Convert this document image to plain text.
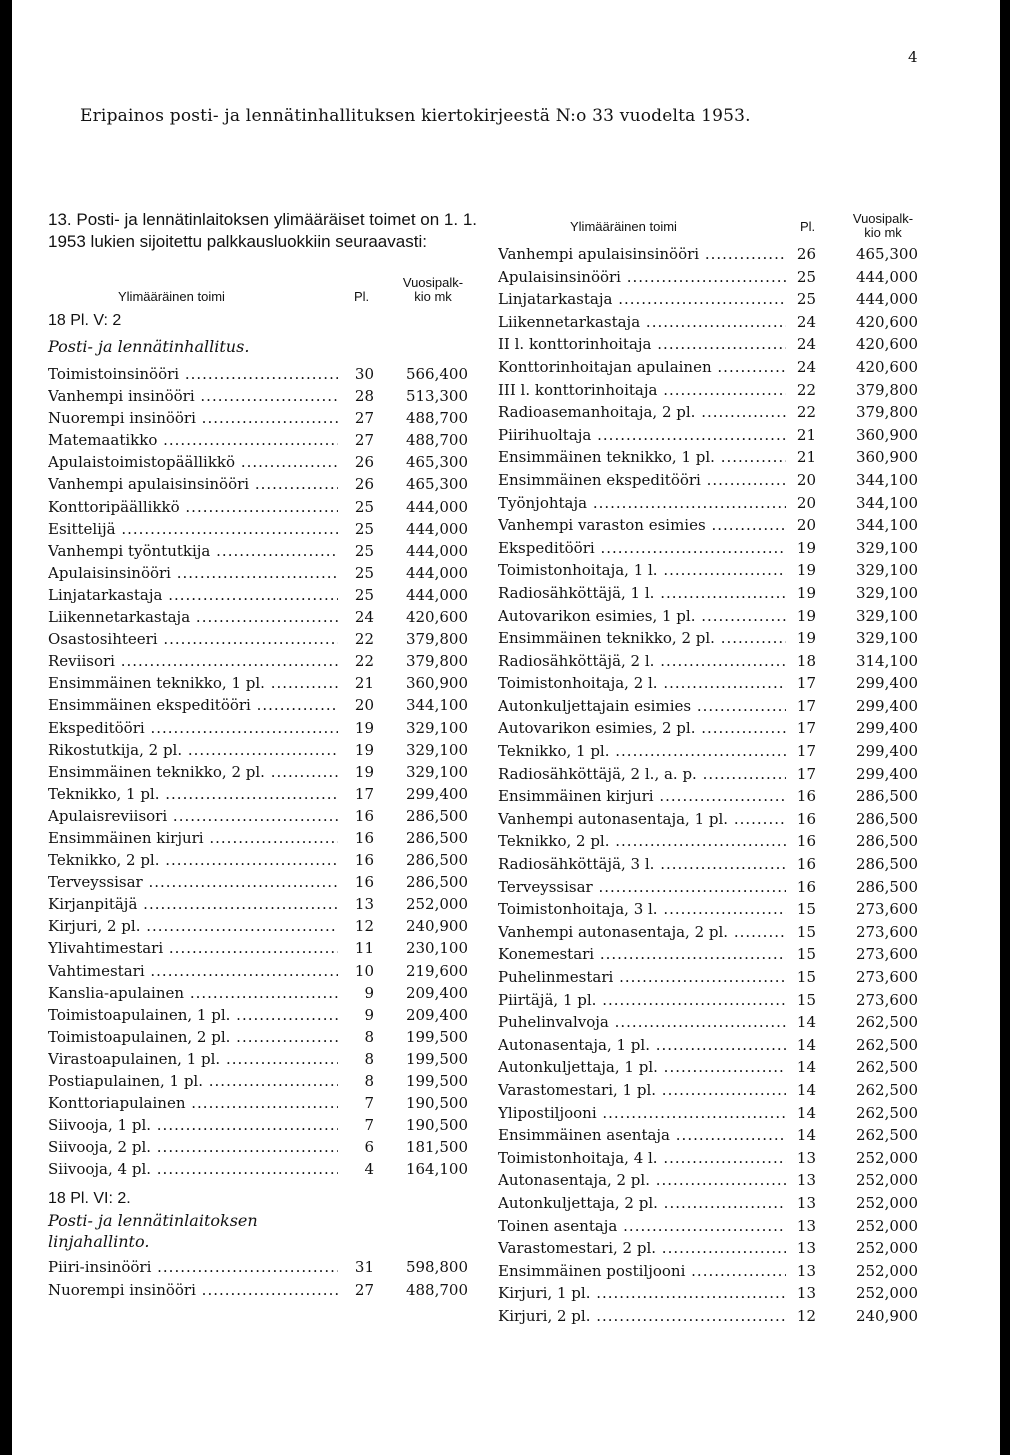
4
Eripainos posti- ja lennätinhallituksen kiertokirjeestä N:o 33 vuodelta 1953.
13. Posti- ja lennätinlaitoksen ylimääräiset toimet on 1. 1. 1953 lukien sijoitettu palkkausluokkiin seuraavasti:
Ylimääräinen toimi	Pl.
Vuosipalk-
kio mk
18 Pl. V: 2
Posti- ja lennätinhallitus.
Toimistoinsinööri .....	30	566,400
Vanhempi insinööri .....	28	513,300
Nuorempi insinööri .....	27	488,700
Matemaatikko .....	27	488,700
Apulaistoimistopäällikkö .....	26	465,300
Vanhempi apulaisinsinööri .....	26	465,300
Konttoripäällikkö .....	25	444,000
Esittelijä .....	25	444,000
Vanhempi työntutkija .....	25	444,000
Apulaisinsinööri .....	25	444,000
Linjatarkastaja .....	25	444,000
Liikennetarkastaja .....	24	420,600
Osastosihteeri .....	22	379,800
Reviisori .....	22	379,800
Ensimmäinen teknikko, 1 pl. .....	21	360,900
Ensimmäinen ekspeditööri .....	20	344,100
Ekspeditööri .....	19	329,100
Rikostutkija, 2 pl. .....	19	329,100
Ensimmäinen teknikko, 2 pl. .....	19	329,100
Teknikko, 1 pl. .....	17	299,400
Apulaisreviisori .....	16	286,500
Ensimmäinen kirjuri .....	16	286,500
Teknikko, 2 pl. .....	16	286,500
Terveyssisar .....	16	286,500
Kirjanpitäjä .....	13	252,000
Kirjuri, 2 pl. .....	12	240,900
Ylivahtimestari .....	11	230,100
Vahtimestari .....	10	219,600
Kanslia-apulainen .....	9	209,400
Toimistoapulainen, 1 pl. .....	9	209,400
Toimistoapulainen, 2 pl. .....	8	199,500
Virastoapulainen, 1 pl. .....	8	199,500
Postiapulainen, 1 pl. .....	8	199,500
Konttoriapulainen .....	7	190,500
Siivooja, 1 pl. .....	7	190,500
Siivooja, 2 pl. .....	6	181,500
Siivooja, 4 pl. .....	4	164,100
18 Pl. VI: 2.
Posti- ja lennätinlaitoksen
linjahallinto.
Piiri-insinööri .....	31	598,800
Nuorempi insinööri .....	27	488,700
Ylimääräinen toimi	Pl.
Vuosipalk-
kio mk
Vanhempi apulaisinsinööri .....	26	465,300
Apulaisinsinööri .....	25	444,000
Linjatarkastaja .....	25	444,000
Liikennetarkastaja .....	24	420,600
II l. konttorinhoitaja .....	24	420,600
Konttorinhoitajan apulainen .....	24	420,600
III l. konttorinhoitaja .....	22	379,800
Radioasemanhoitaja, 2 pl. .....	22	379,800
Piirihuoltaja .....	21	360,900
Ensimmäinen teknikko, 1 pl. .....	21	360,900
Ensimmäinen ekspeditööri .....	20	344,100
Työnjohtaja .....	20	344,100
Vanhempi varaston esimies .....	20	344,100
Ekspeditööri .....	19	329,100
Toimistonhoitaja, 1 l. .....	19	329,100
Radiosähköttäjä, 1 l. .....	19	329,100
Autovarikon esimies, 1 pl. .....	19	329,100
Ensimmäinen teknikko, 2 pl. .....	19	329,100
Radiosähköttäjä, 2 l. .....	18	314,100
Toimistonhoitaja, 2 l. .....	17	299,400
Autonkuljettajain esimies .....	17	299,400
Autovarikon esimies, 2 pl. .....	17	299,400
Teknikko, 1 pl. .....	17	299,400
Radiosähköttäjä, 2 l., a. p. .....	17	299,400
Ensimmäinen kirjuri .....	16	286,500
Vanhempi autonasentaja, 1 pl. .....	16	286,500
Teknikko, 2 pl. .....	16	286,500
Radiosähköttäjä, 3 l. .....	16	286,500
Terveyssisar .....	16	286,500
Toimistonhoitaja, 3 l. .....	15	273,600
Vanhempi autonasentaja, 2 pl. .....	15	273,600
Konemestari .....	15	273,600
Puhelinmestari .....	15	273,600
Piirtäjä, 1 pl. .....	15	273,600
Puhelinvalvoja .....	14	262,500
Autonasentaja, 1 pl. .....	14	262,500
Autonkuljettaja, 1 pl. .....	14	262,500
Varastomestari, 1 pl. .....	14	262,500
Ylipostiljooni .....	14	262,500
Ensimmäinen asentaja .....	14	262,500
Toimistonhoitaja, 4 l. .....	13	252,000
Autonasentaja, 2 pl. .....	13	252,000
Autonkuljettaja, 2 pl. .....	13	252,000
Toinen asentaja .....	13	252,000
Varastomestari, 2 pl. .....	13	252,000
Ensimmäinen postiljooni .....	13	252,000
Kirjuri, 1 pl. .....	13	252,000
Kirjuri, 2 pl. .....	12	240,900
